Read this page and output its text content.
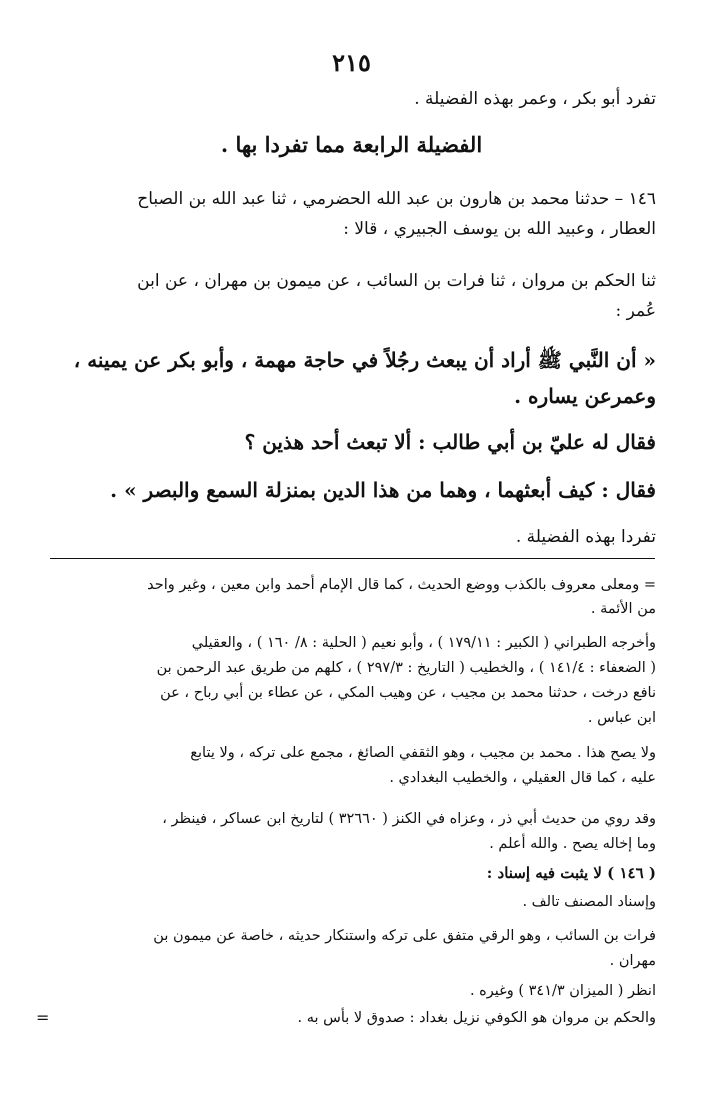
٢١٥
تفرد أبو بكر ، وعمر بهذه الفضيلة .
الفضيلة الرابعة مما تفردا بها .
١٤٦ – حدثنا محمد بن هارون بن عبد الله الحضرمي ، ثنا عبد الله بن الصباح
العطار ، وعبيد الله بن يوسف الجبيري ، قالا :
ثنا الحكم بن مروان ، ثنا فرات بن السائب ، عن ميمون بن مهران ، عن ابن
عُمر :
« أن النَّبي ﷺ أراد أن يبعث رجُلاً في حاجة مهمة ، وأبو بكر عن يمينه ،
وعمرعن يساره .
فقال له عليّ بن أبي طالب : ألا تبعث أحد هذين ؟
فقال : كيف أبعثهما ، وهما من هذا الدين بمنزلة السمع والبصر » .
تفردا بهذه الفضيلة .
= ومعلى معروف بالكذب ووضع الحديث ، كما قال الإمام أحمد وابن معين ، وغير واحد
من الأئمة .
وأخرجه الطبراني ( الكبير : ١٧٩/١١ ) ، وأبو نعيم ( الحلية : ٨/ ١٦٠ ) ، والعقيلي
( الضعفاء : ١٤١/٤ ) ، والخطيب ( التاريخ : ٢٩٧/٣ ) ، كلهم من طريق عبد الرحمن بن
نافع درخت ، حدثنا محمد بن مجيب ، عن وهيب المكي ، عن عطاء بن أبي رباح ، عن
ابن عباس .
ولا يصح هذا . محمد بن مجيب ، وهو الثقفي الصائغ ، مجمع على تركه ، ولا يتابع
عليه ، كما قال العقيلي ، والخطيب البغدادي .
وقد روي من حديث أبي ذر ، وعزاه في الكنز ( ٣٢٦٦٠ ) لتاريخ ابن عساكر ، فينظر ،
وما إخاله يصح . والله أعلم .
( ١٤٦ ) لا يثبت فيه إسناد :
وإسناد المصنف تالف .
فرات بن السائب ، وهو الرقي متفق على تركه واستنكار حديثه ، خاصة عن ميمون بن
مهران .
انظر ( الميزان ٣٤١/٣ ) وغيره .
والحكم بن مروان هو الكوفي نزيل بغداد : صدوق لا بأس به .
=
